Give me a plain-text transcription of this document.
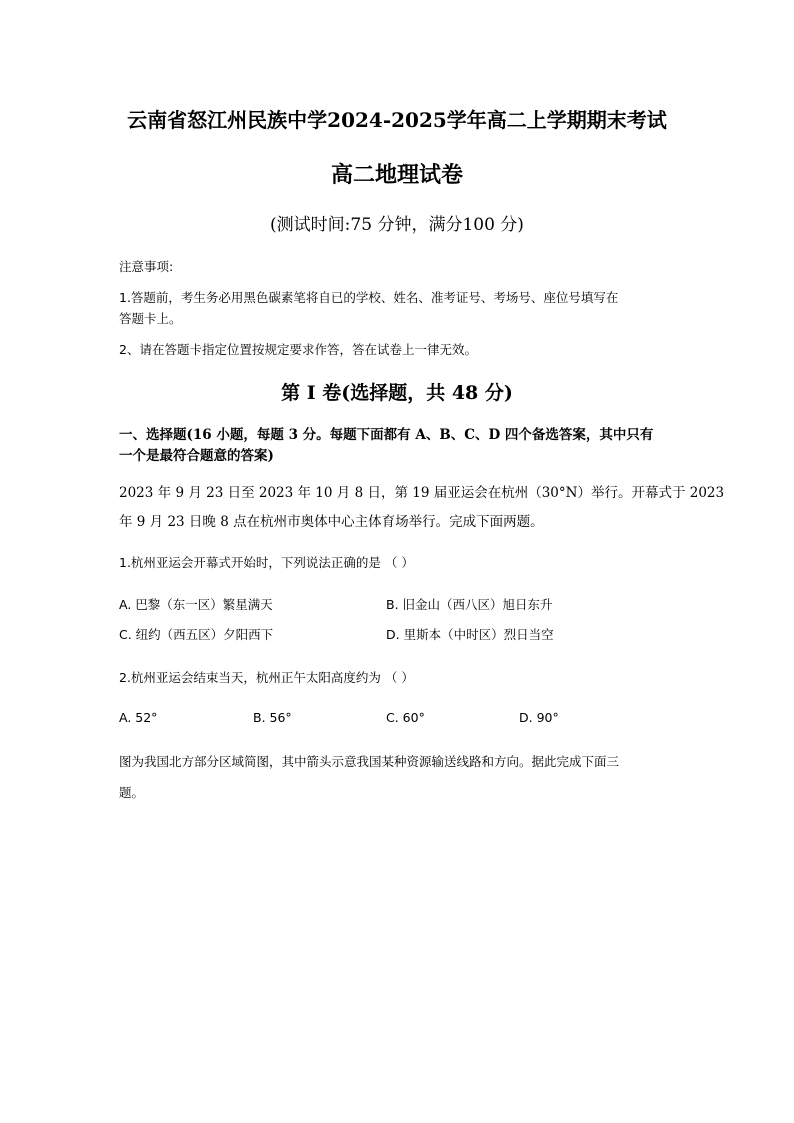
云南省怒江州民族中学2024-2025学年高二上学期期末考试
高二地理试卷
(测试时间:75 分钟，满分100 分)
注意事项:
1.答题前，考生务必用黑色碳素笔将自已的学校、姓名、准考证号、考场号、座位号填写在
答题卡上。
2、请在答题卡指定位置按规定要求作答，答在试卷上一律无效。
第 I 卷(选择题，共 48 分)
一、选择题(16 小题，每题 3 分。每题下面都有 A、B、C、D 四个备选答案，其中只有
一个是最符合题意的答案)
2023 年 9 月 23 日至 2023 年 10 月 8 日，第 19 届亚运会在杭州（30°N）举行。开幕式于 2023
年 9 月 23 日晚 8 点在杭州市奥体中心主体育场举行。完成下面两题。
1.杭州亚运会开幕式开始时，下列说法正确的是 （ ）
A. 巴黎（东一区）繁星满天	B. 旧金山（西八区）旭日东升
C. 纽约（西五区）夕阳西下	D. 里斯本（中时区）烈日当空
2.杭州亚运会结束当天，杭州正午太阳高度约为 （ ）
A. 52°	B. 56°	C. 60°	D. 90°
图为我国北方部分区域简图，其中箭头示意我国某种资源输送线路和方向。据此完成下面三
题。
